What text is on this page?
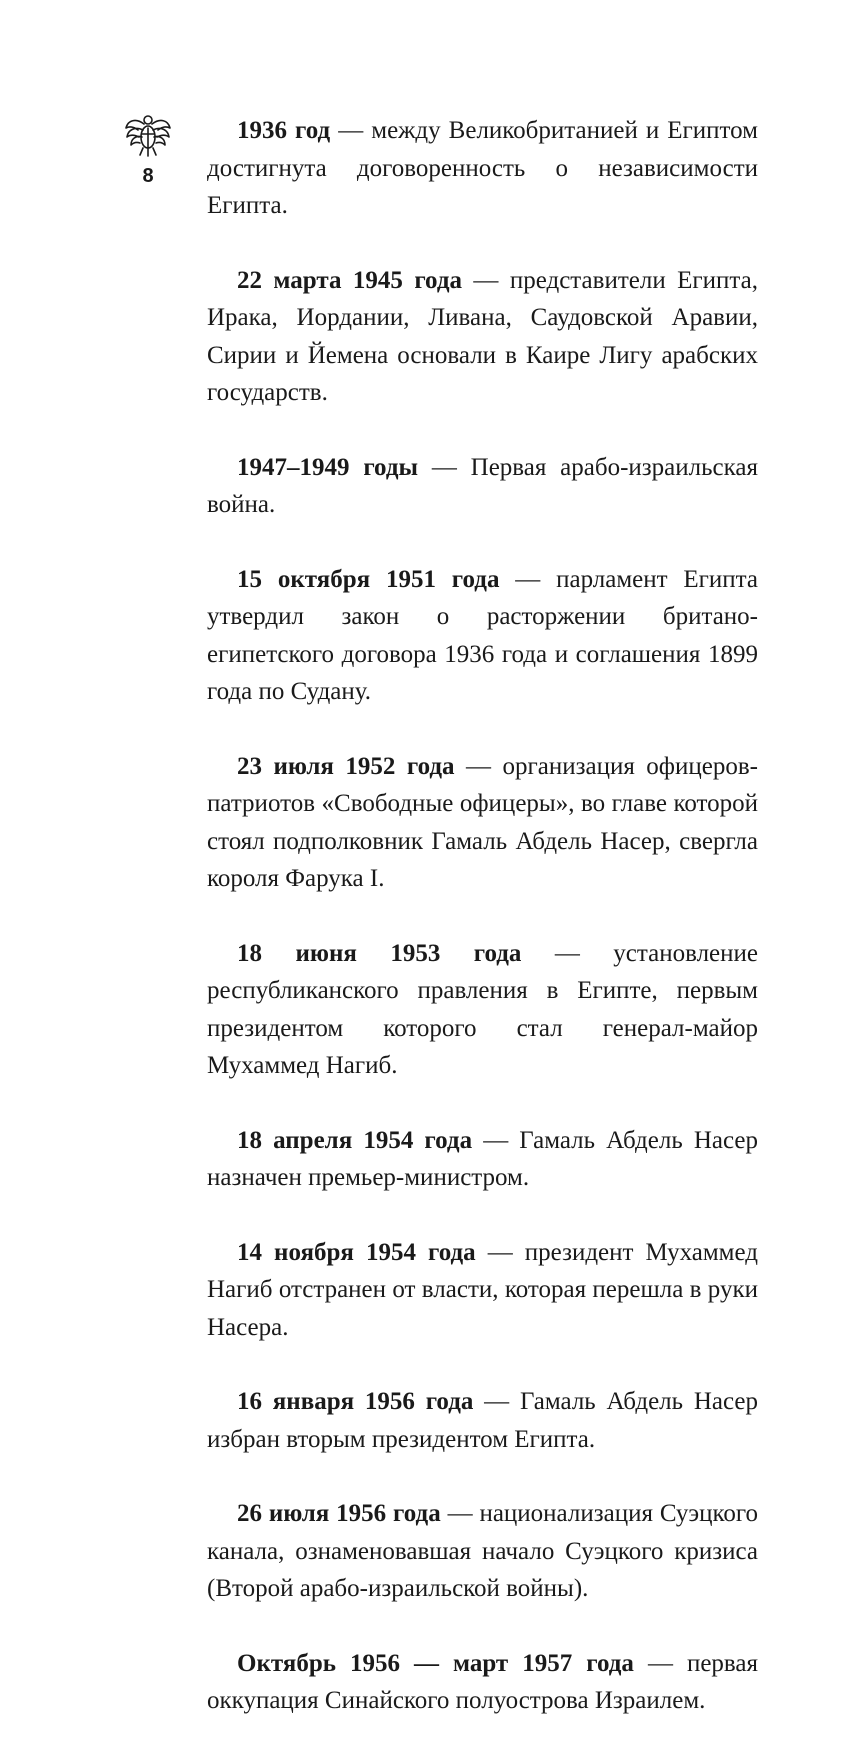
8

1936 год — между Великобританией и Египтом достигнута договоренность о независимости Египта.

22 марта 1945 года — представители Египта, Ирака, Иордании, Ливана, Саудовской Аравии, Сирии и Йемена основали в Каире Лигу арабских государств.

1947–1949 годы — Первая арабо-израильская война.

15 октября 1951 года — парламент Египта утвердил закон о расторжении британо-египетского договора 1936 года и соглашения 1899 года по Судану.

23 июля 1952 года — организация офицеров-патриотов «Свободные офицеры», во главе которой стоял подполковник Гамаль Абдель Насер, свергла короля Фарука I.

18 июня 1953 года — установление республиканского правления в Египте, первым президентом которого стал генерал-майор Мухаммед Нагиб.

18 апреля 1954 года — Гамаль Абдель Насер назначен премьер-министром.

14 ноября 1954 года — президент Мухаммед Нагиб отстранен от власти, которая перешла в руки Насера.

16 января 1956 года — Гамаль Абдель Насер избран вторым президентом Египта.

26 июля 1956 года — национализация Суэцкого канала, ознаменовавшая начало Суэцкого кризиса (Второй арабо-израильской войны).

Октябрь 1956 — март 1957 года — первая оккупация Синайского полуострова Израилем.
